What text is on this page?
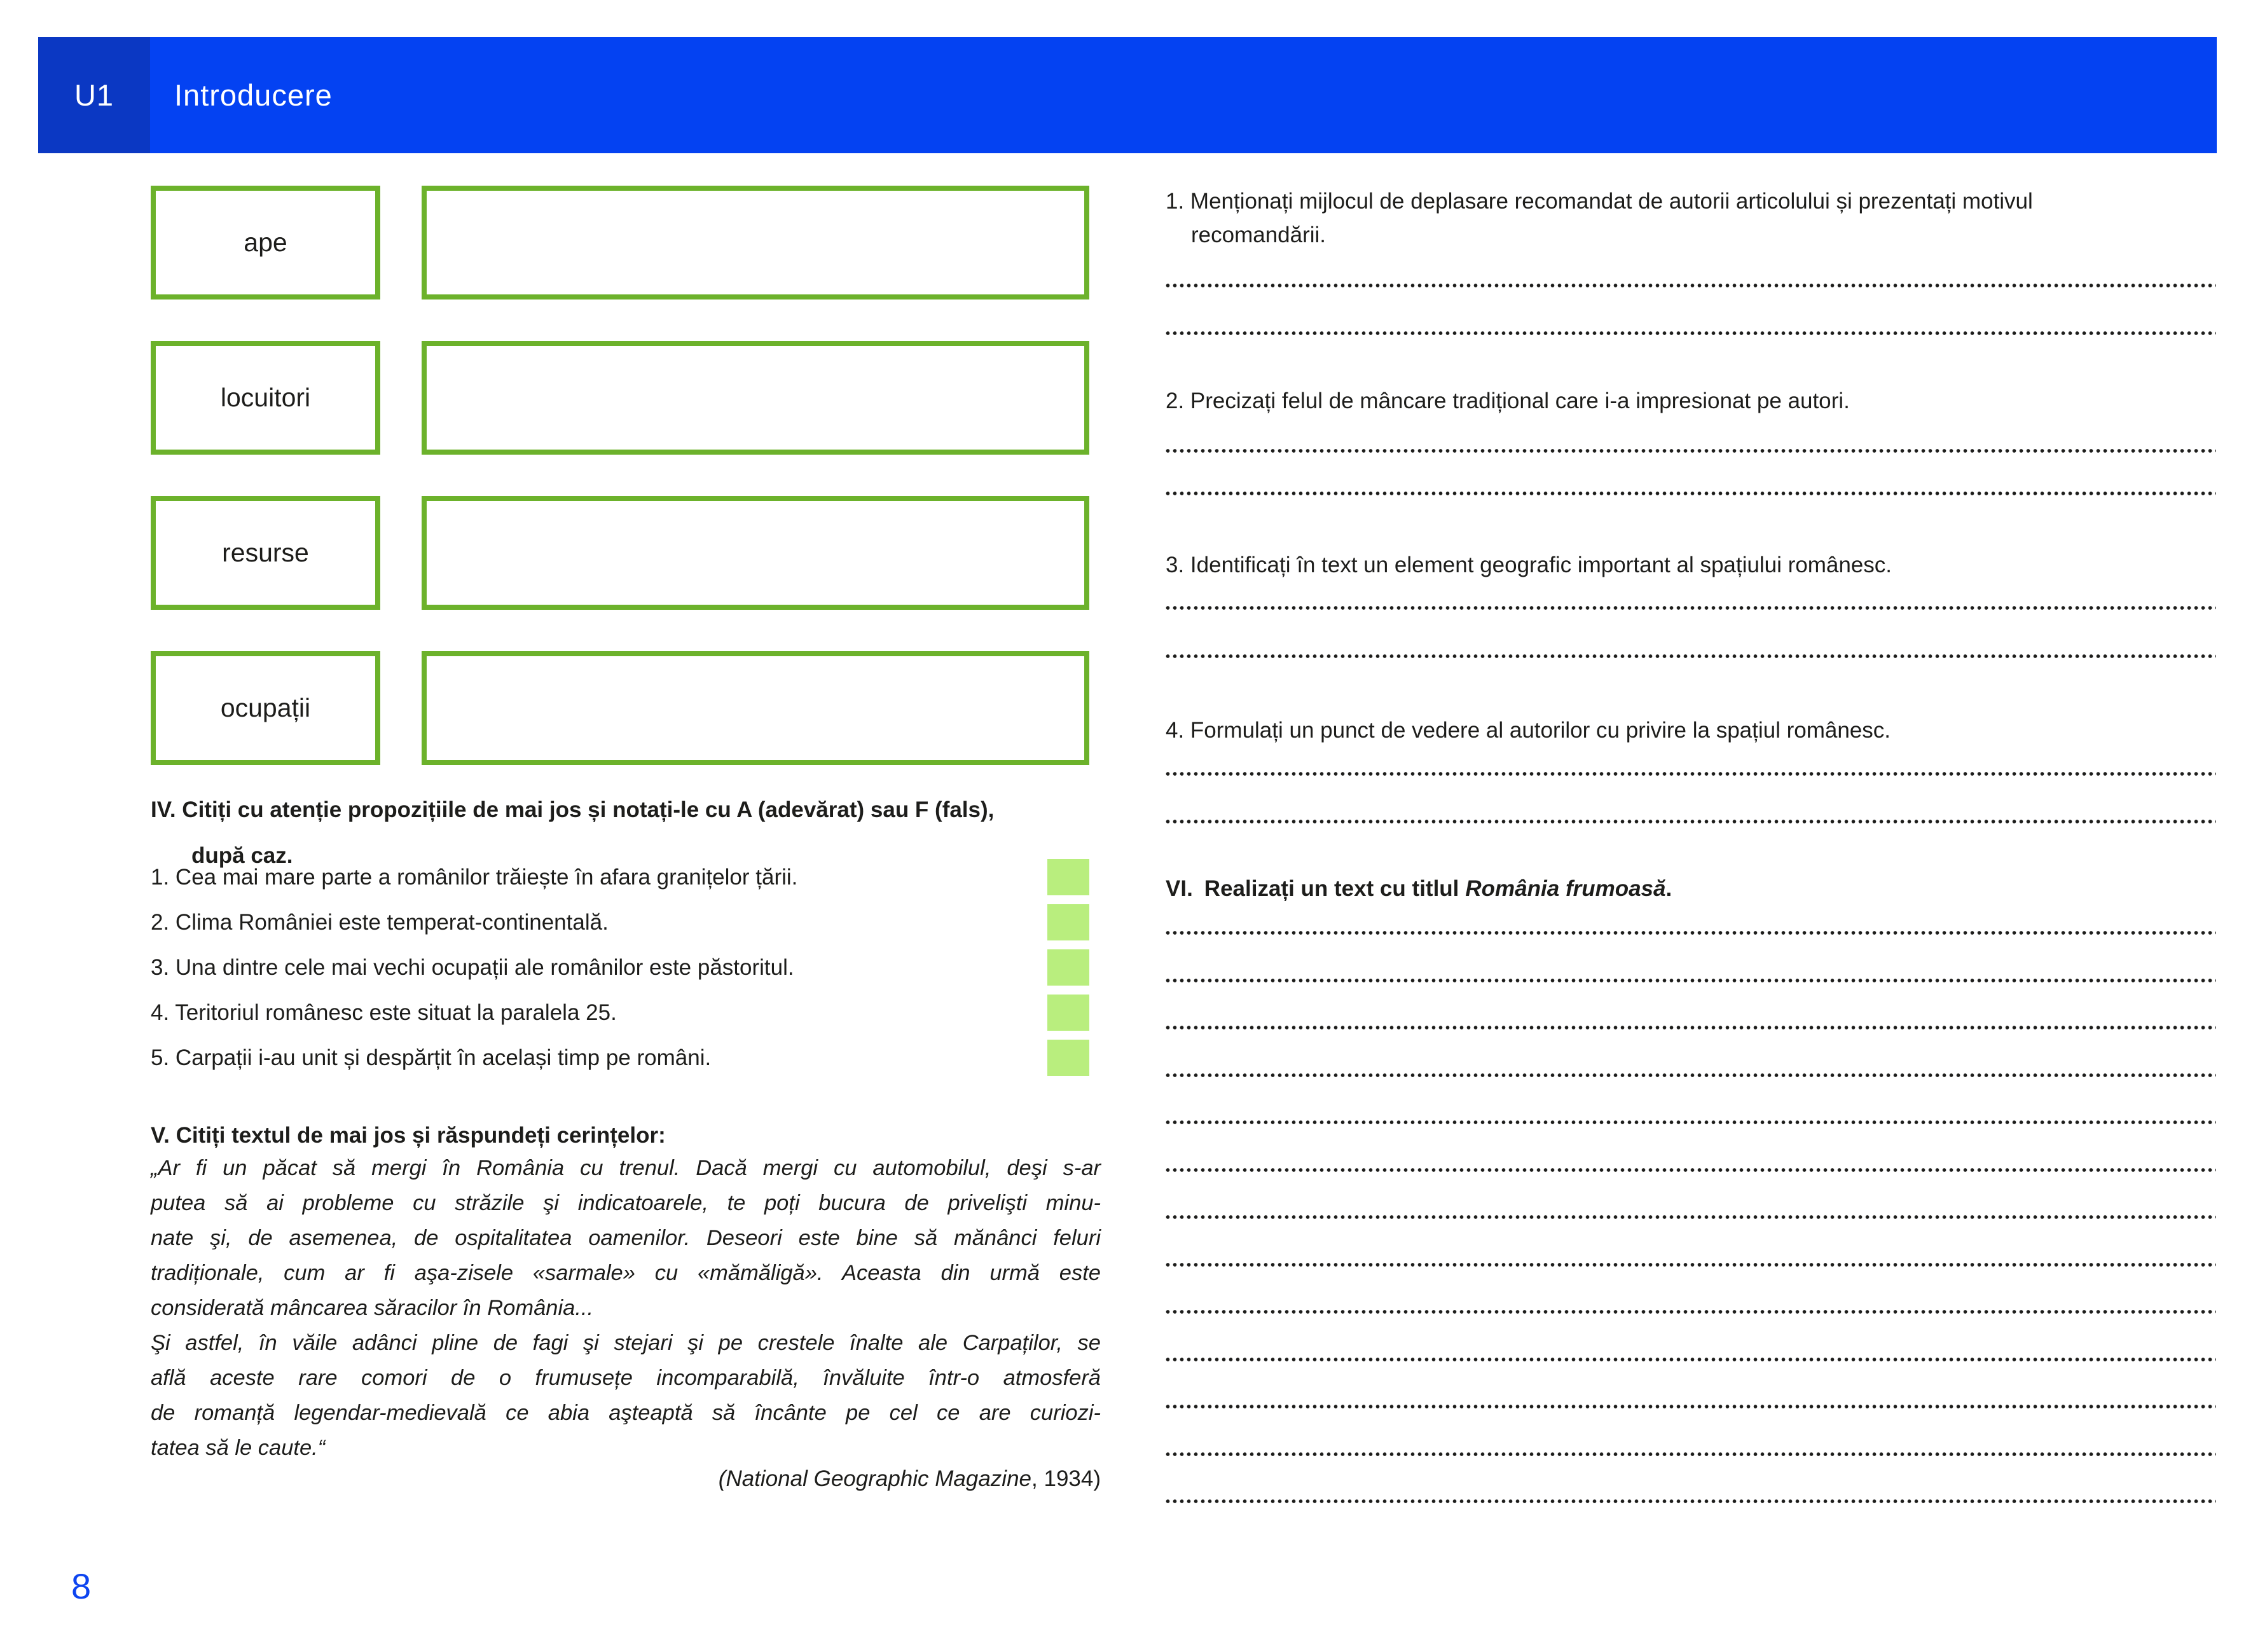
U1	Introducere
ape
locuitori
resurse
ocupații
IV. Citiți cu atenție propozițiile de mai jos și notați-le cu A (adevărat) sau F (fals),
după caz.
1. Cea mai mare parte a românilor trăiește în afara granițelor țării.
2. Clima României este temperat-continentală.
3. Una dintre cele mai vechi ocupații ale românilor este păstoritul.
4. Teritoriul românesc este situat la paralela 25.
5. Carpații i-au unit și despărțit în același timp pe români.
V. Citiți textul de mai jos și răspundeți cerințelor:
„Ar fi un păcat să mergi în România cu trenul. Dacă mergi cu automobilul, deşi s-ar
putea să ai probleme cu străzile şi indicatoarele, te poți bucura de privelişti minu-
nate şi, de asemenea, de ospitalitatea oamenilor. Deseori este bine să mănânci feluri
tradiționale, cum ar fi aşa-zisele «sarmale» cu «mămăligă». Aceasta din urmă este
considerată mâncarea săracilor în România...
Şi astfel, în văile adânci pline de fagi şi stejari şi pe crestele înalte ale Carpaților, se
află aceste rare comori de o frumusețe incomparabilă, învăluite într-o atmosferă
de romanță legendar-medievală ce abia aşteaptă să încânte pe cel ce are curiozi-
tatea să le caute.“
(National Geographic Magazine, 1934)
1. Menționați mijlocul de deplasare recomandat de autorii articolului și prezentați motivul recomandării.
2. Precizați felul de mâncare tradițional care i-a impresionat pe autori.
3. Identificați în text un element geografic important al spațiului românesc.
4. Formulați un punct de vedere al autorilor cu privire la spațiul românesc.
VI. Realizați un text cu titlul România frumoasă.
8
